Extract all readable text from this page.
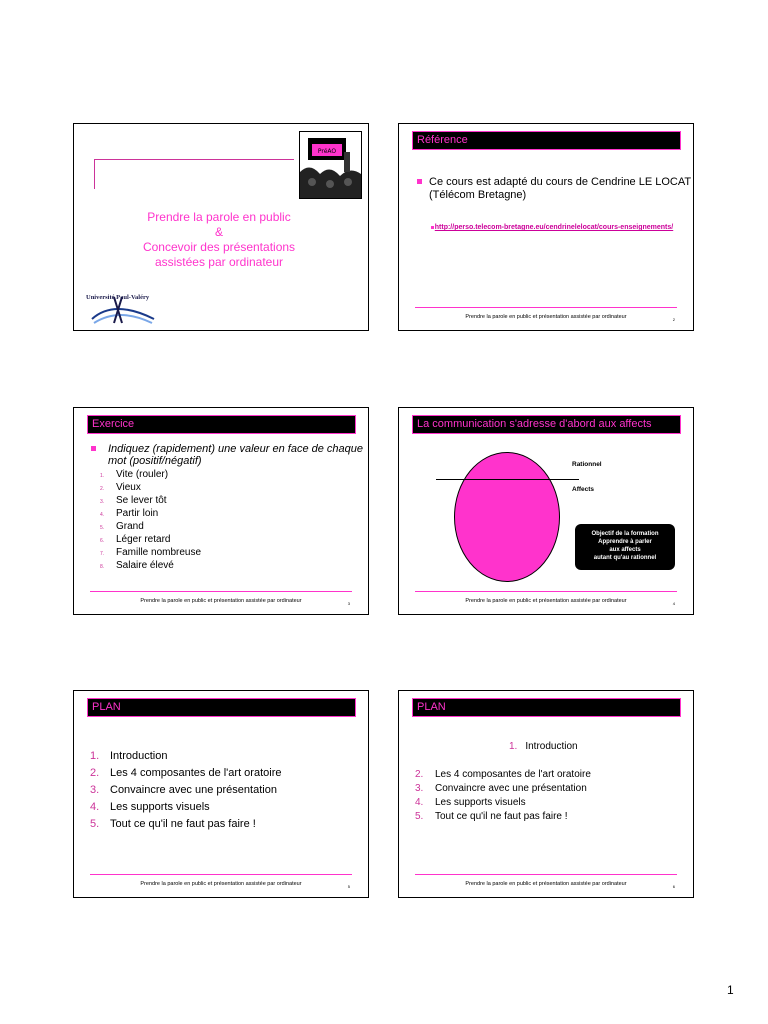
PréAO
Prendre la parole en public
&
Concevoir des présentations
assistées par ordinateur
Université Paul-Valéry
Référence
Ce cours est adapté du cours de Cendrine LE LOCAT (Télécom Bretagne)
http://perso.telecom-bretagne.eu/cendrinelelocat/cours-enseignements/
Prendre la parole en public et présentation assistée par ordinateur	2
Exercice
Indiquez (rapidement) une valeur en face de chaque mot (positif/négatif)
1. Vite (rouler)
2. Vieux
3. Se lever tôt
4. Partir loin
5. Grand
6. Léger retard
7. Famille nombreuse
8. Salaire élevé
Prendre la parole en public et présentation assistée par ordinateur	3
La communication s'adresse d'abord aux affects
Rationnel
Affects
Objectif de la formation
Apprendre à parler
aux affects
autant qu'au rationnel
Prendre la parole en public et présentation assistée par ordinateur	4
PLAN
1. Introduction
2. Les 4 composantes de l'art oratoire
3. Convaincre avec une présentation
4. Les supports visuels
5. Tout ce qu'il ne faut pas faire !
Prendre la parole en public et présentation assistée par ordinateur	5
PLAN
1. Introduction
2. Les 4 composantes de l'art oratoire
3. Convaincre avec une présentation
4. Les supports visuels
5. Tout ce qu'il ne faut pas faire !
Prendre la parole en public et présentation assistée par ordinateur	6
1
